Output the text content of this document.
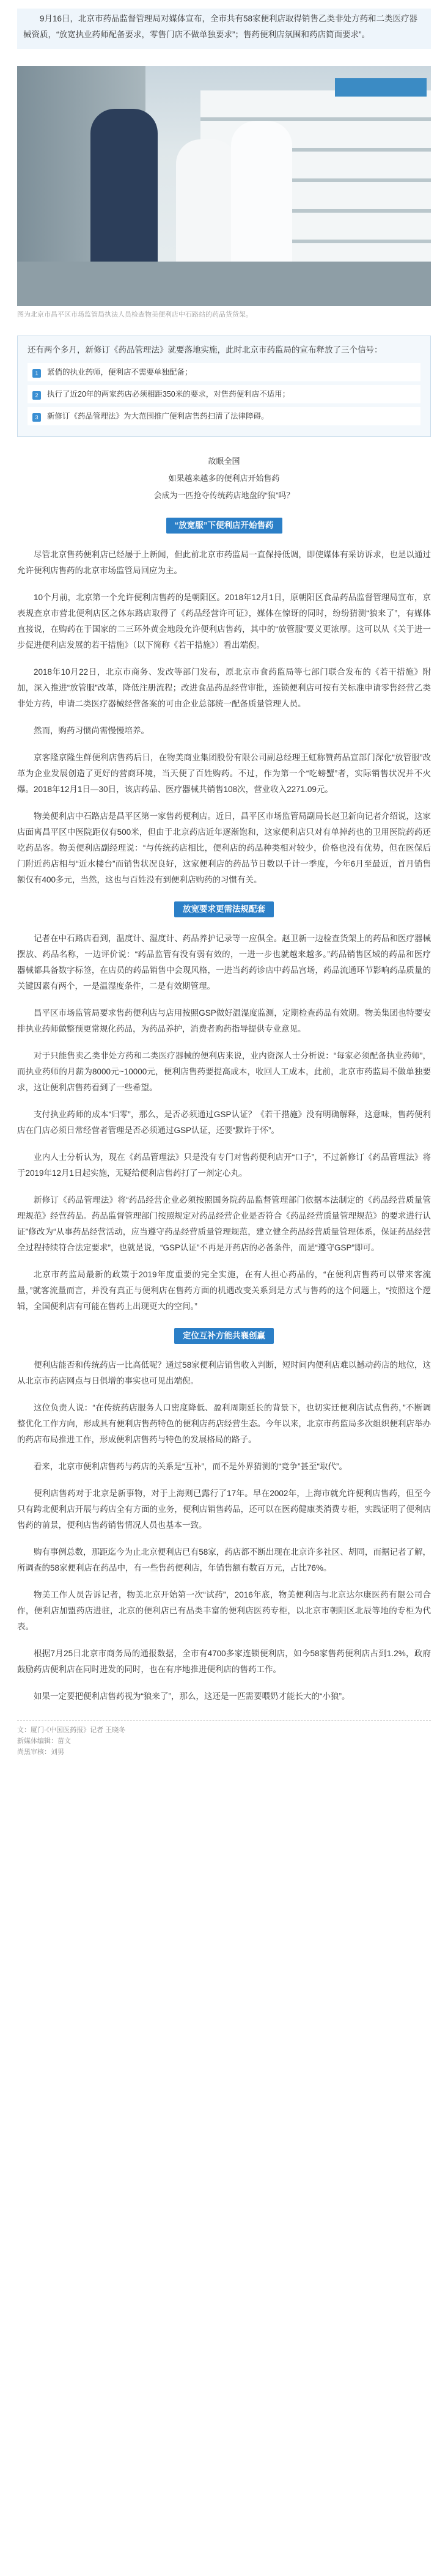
9月16日，北京市药品监督管理局对媒体宣布，全市共有58家便利店取得销售乙类非处方药和二类医疗器械资质，“放宽执业药师配备要求，零售门店不做单独要求”；售药便利店氛围和药店简面要求”。

图为北京市昌平区市场监管局执法人员检查物美便利店中石路站的药品货货架。

还有两个多月，新修订《药品管理法》就要落地实施，此时北京市药监局的宣布释放了三个信号：

1	紧俏的执业药师，便利店不需要单独配备；
2	执行了近20年的两家药店必须相距350米的要求，对售药便利店不适用；
3	新修订《药品管理法》为大范围推广便利店售药扫清了法律障碍。
故眼全国
如果越来越多的便利店开始售药
会成为一匹抢夺传统药店地盘的“狼”吗？
“放宽服”下便利店开始售药

尽管北京售药便利店已经屡于上新闻，但此前北京市药监局一直保持低调，即使媒体有采访诉求，也是以通过允许便利店售药的北京市场监管局回应为主。

10个月前，北京第一个允许便利店售药的是朝阳区。2018年12月1日，原朝阳区食品药品监督管理局宣布，京表规查京市营北便利店区之体东路店取得了《药品经营许可证》，媒体在惊讶的同时，纷纷猜测“狼来了”，有媒体直接说，在购药在于国家的二三环外黄金地段允许便利店售药，其中的“放管服”要义更浓厚。这可以从《关于进一步促进便利店发展的若干措施》（以下简称《若干措施》）看出端倪。

2018年10月22日，北京市商务、发改等部门发布，原北京市食药监局等七部门联合发布的《若干措施》附加，深入推进“放管服”改革，降低注册流程；改进食品药品经营审批，连锁便利店可按有关标准申请零售经营乙类非处方药，申请二类医疗器械经营备案的可由企业总部统一配备质量管理人员。

然而，购药习惯尚需慢慢培养。

京客隆京隆生鲜便利店售药后日，在物美商业集团股份有限公司副总经理王虹称赞药品宣部门深化“放管服”改革为企业发展创造了更好的营商环境，当天便了百姓购药。不过，作为第一个“吃螃蟹”者，实际销售状况并不火爆。2018年12月1日—30日，该店药品、医疗器械共销售108次，营业收入2271.09元。

物美便利店中石路店是昌平区第一家售药便利店。近日，昌平区市场监管局副局长赵卫新向记者介绍说，这家店面离昌平区中医院距仅有500米，但由于北京药店近年逐渐饱和，这家便利店只对有单掉药也的卫用医院药药还吃药品客。物美便利店副经理说：“与传统药店相比，便利店的药品种类相对较少，价格也没有优势，但在医保后门附近药店相与“近水楼台”而销售状况良好，这家便利店的药品节日数以千计一季度，今年6月至最近，首月销售额仅有400多元，当然，这也与百姓没有到便利店购药的习惯有关。

放宽要求更需法规配套

记者在中石路店看到，温度计、湿度计、药品养护记录等一应俱全。赵卫新一边检查货架上的药品和医疗器械摆放、药品名称，一边评价说：“药品监管有没有弱有效的，一进一步也就越来越多。”药品销售区域的药品和医疗器械都具备数字标签，在店员的药品销售中会现风格，一进当药药诊店中药品宫场，药品流通环节影响药品质量的关键因素有两个，一是温湿度条件，二是有效期管理。

昌平区市场监管局要求售药便利店与店用按照GSP做好温湿度监测，定期检查药品有效期。物美集团也特要安排执业药师做整预更常规化药品，为药品养护，消费者购药指导提供专业意见。

对于只能售卖乙类非处方药和二类医疗器械的便利店来说，业内资深人士分析说：“每家必须配备执业药师”，而执业药师的月薪为8000元~10000元，便利店售药要提高成本，收回人工成本，此前，北京市药监局不做单独要求，这让便利店售药看到了一些希望。

支付执业药师的成本“归零”，那么，是否必须通过GSP认证？《若干措施》没有明确解释，这意味，售药便利店在门店必须日常经营者管理是否必须通过GSP认证，还要“默许于怀”。

业内人士分析认为，现在《药品管理法》只是没有专门对售药便利店开“口子”，不过新修订《药品管理法》将于2019年12月1日起实施，无疑给便利店售药打了一剂定心丸。

新修订《药品管理法》将“药品经营企业必须按照国务院药品监督管理部门依据本法制定的《药品经营质量管理规范》经营药品。药品监督管理部门按照规定对药品经营企业是否符合《药品经营质量管理规范》的要求进行认证”修改为“从事药品经营活动，应当遵守药品经营质量管理规范，建立健全药品经营质量管理体系，保证药品经营全过程持续符合法定要求”，也就是说，“GSP认证”不再是开药店的必备条件，而是“遵守GSP”即可。

北京市药监局最新的政策于2019年度重要的完全实施，在有人担心药品的，“在便利店售药可以带来客流量，”就客流量而言，并没有真正与便利店在售药方面的机遇改变关系到是方式与售药的这个问题上，“按照这个逻辑，全国便利店有可能在售药上出现更大的空间。”

定位互补方能共襄创赢

便利店能否和传统药店一比高低呢？通过58家便利店销售收入判断，短时间内便利店难以撼动药店的地位，这从北京市药店网点与日俱增的事实也可见出端倪。

这位负责人说：“在传统药店服务人口密度降低、盈利周期延长的背景下，也切实迁便利店试点售药，”不断调整优化工作方向，形成具有便利店售药特色的便利店药店经营生态。今年以来，北京市药监局多次组织便利店举办的药店布局推进工作，形成便利店售药与特色的发展格局的路子。

看来，北京市便利店售药与药店的关系是“互补”，而不是外界猜测的“竞争”甚至“取代”。

便利店售药对于北京是新事物，对于上海则已露行了17年。早在2002年，上海市就允许便利店售药，但至今只有跨北便利店开展与药店全有方面的业务，便利店销售药品，还可以在医药健康类消费专柜，实践证明了便利店售药的前景，便利店售药销售情况人员也基本一致。

购有事例总数，那距迄今为止北京便利店已有58家，药店都不断出现在北京许多社区、胡同，而据记者了解，所调查的58家便利店在药品中，有一些售药便利店，年销售额有数百万元，占比76%。

物美工作人员告诉记者，物美北京开始第一次“试药”，2016年底，物美便利店与北京达尔康医药有限公司合作，便利店加盟药店进驻，北京的便利店已有品类丰富的便利店医药专柜，以北京市朝阳区北辰等地的专柜为代表。

根据7月25日北京市商务局的通报数据，全市有4700多家连锁便利店，如今58家售药便利店占到1.2%，政府鼓励药店便利店在同时进发的同时，也在有序地推进便利店的售药工作。

如果一定要把便利店售药视为“狼来了”，那么，这还是一匹需要喂奶才能长大的“小狼”。

文：厦门·《中国医药报》记者 王晓冬
新媒体编辑：苗文
尚黑审核：刘男
